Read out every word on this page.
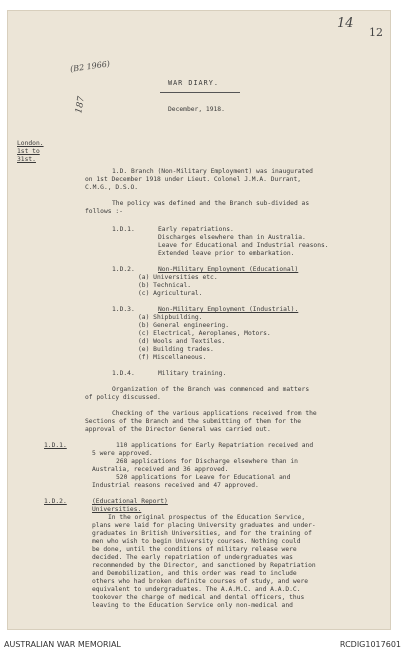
14
12
(B2 1966)
187
WAR DIARY.
December, 1918.
London.
1st to
31st.
1.D. Branch (Non-Military Employment) was inaugurated
on 1st December 1918 under Lieut. Colonel J.M.A. Durrant,
C.M.G., D.S.O.
The policy was defined and the Branch sub-divided as
follows :-
1.D.1.	Early repatriations.
Discharges elsewhere than in Australia.
Leave for Educational and Industrial reasons.
Extended leave prior to embarkation.
1.D.2.	Non-Military Employment (Educational)
(a) Universities etc.
(b) Technical.
(c) Agricultural.
1.D.3.	Non-Military Employment (Industrial).
(a) Shipbuilding.
(b) General engineering.
(c) Electrical, Aeroplanes, Motors.
(d) Wools and Textiles.
(e) Building trades.
(f) Miscellaneous.
1.D.4.	Military training.
Organization of the Branch was commenced and matters
of policy discussed.
Checking of the various applications received from the
Sections of the Branch and the submitting of them for the
approval of the Director General was carried out.
1.D.1.	110 applications for Early Repatriation received and
5 were approved.
268 applications for Discharge elsewhere than in
Australia, received and 36 approved.
520 applications for Leave for Educational and
Industrial reasons received and 47 approved.
1.D.2.	(Educational Report)
Universities.
In the original prospectus of the Education Service,
plans were laid for placing University graduates and under-
graduates in British Universities, and for the training of
men who wish to begin University courses. Nothing could
be done, until the conditions of military release were
decided. The early repatriation of undergraduates was
recommended by the Director, and sanctioned by Repatriation
and Demobilization, and this order was read to include
others who had broken definite courses of study, and were
equivalent to undergraduates. The A.A.M.C. and A.A.D.C.
tookover the charge of medical and dental officers, thus
leaving to the Education Service only non-medical and
AUSTRALIAN WAR MEMORIAL	RCDIG1017601
